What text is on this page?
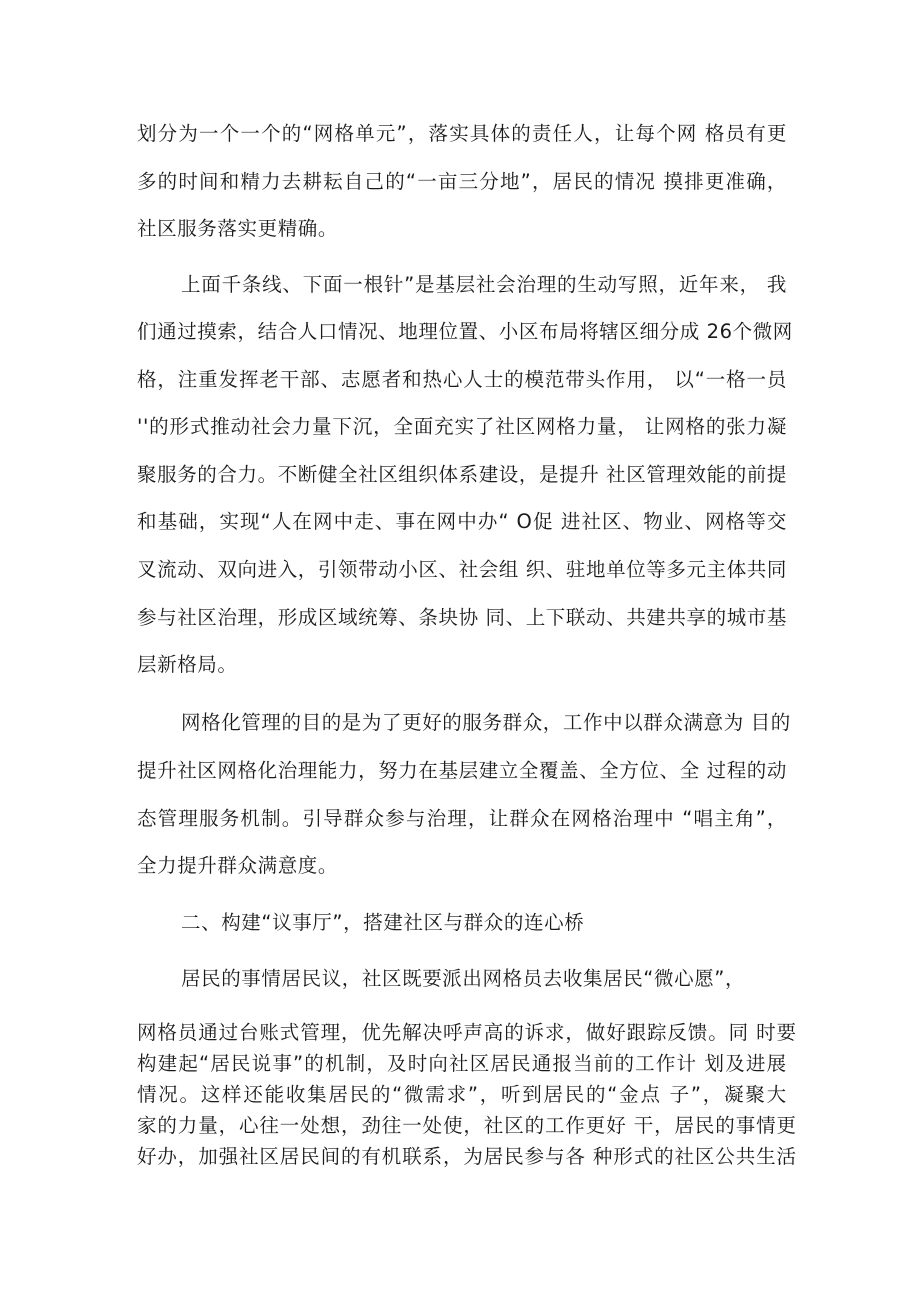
划分为一个一个的“网格单元”，落实具体的责任人，让每个网 格员有更
多的时间和精力去耕耘自己的“一亩三分地”，居民的情况 摸排更准确，
社区服务落实更精确。
上面千条线、下面一根针”是基层社会治理的生动写照，近年来， 我
们通过摸索，结合人口情况、地理位置、小区布局将辖区细分成 26个微网
格，注重发挥老干部、志愿者和热心人士的模范带头作用， 以“一格一员
''的形式推动社会力量下沉，全面充实了社区网格力量， 让网格的张力凝
聚服务的合力。不断健全社区组织体系建设，是提升 社区管理效能的前提
和基础，实现“人在网中走、事在网中办“ O促 进社区、物业、网格等交
叉流动、双向进入，引领带动小区、社会组 织、驻地单位等多元主体共同
参与社区治理，形成区域统筹、条块协 同、上下联动、共建共享的城市基
层新格局。
网格化管理的目的是为了更好的服务群众，工作中以群众满意为 目的
提升社区网格化治理能力，努力在基层建立全覆盖、全方位、全 过程的动
态管理服务机制。引导群众参与治理，让群众在网格治理中 “唱主角”，
全力提升群众满意度。
二、构建“议事厅”，搭建社区与群众的连心桥
居民的事情居民议，社区既要派出网格员去收集居民“微心愿”，
网格员通过台账式管理，优先解决呼声高的诉求，做好跟踪反馈。同 时要
构建起“居民说事”的机制，及时向社区居民通报当前的工作计 划及进展
情况。这样还能收集居民的“微需求”，听到居民的“金点 子”，凝聚大
家的力量，心往一处想，劲往一处使，社区的工作更好 干，居民的事情更
好办，加强社区居民间的有机联系，为居民参与各 种形式的社区公共生活
